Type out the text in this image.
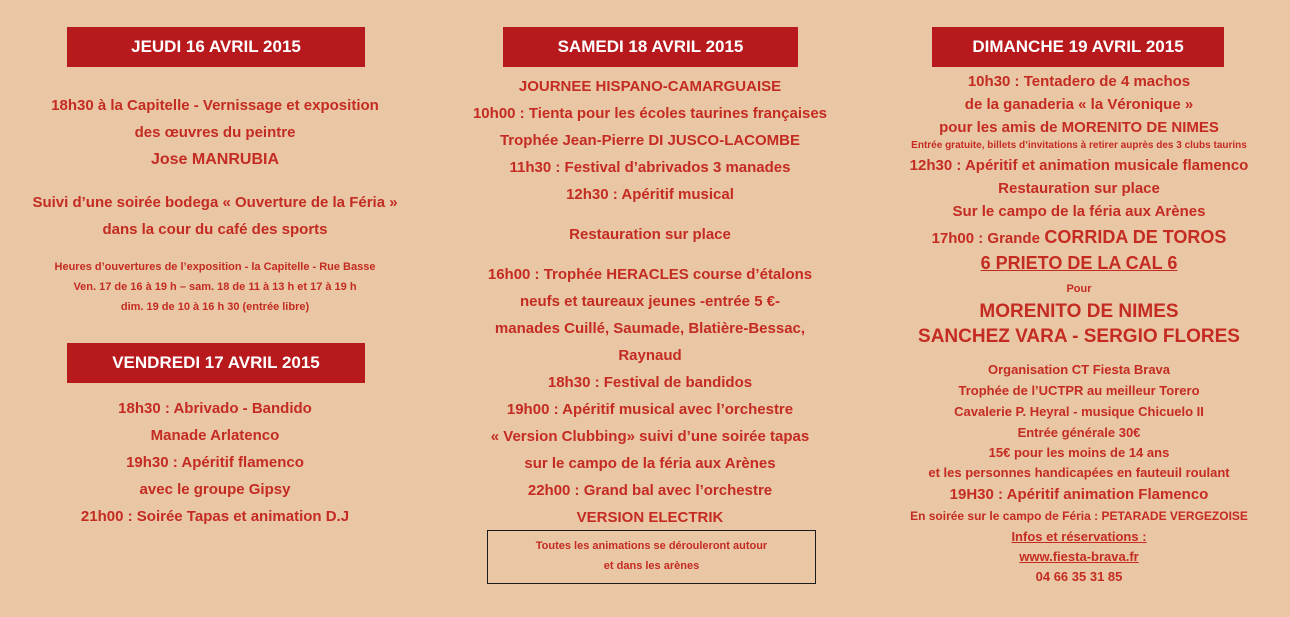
JEUDI 16 AVRIL 2015
18h30 à la Capitelle - Vernissage et exposition
des œuvres du peintre
Jose MANRUBIA
Suivi d’une soirée bodega « Ouverture de la Féria »
dans la cour du café des sports
Heures d’ouvertures de l’exposition - la Capitelle - Rue Basse
Ven. 17 de 16 à 19 h – sam. 18 de 11 à 13 h et 17 à 19 h
dim. 19 de 10 à 16 h 30 (entrée libre)
VENDREDI 17 AVRIL 2015
18h30 : Abrivado - Bandido
Manade Arlatenco
19h30 : Apéritif flamenco
avec le groupe Gipsy
21h00 : Soirée Tapas et animation D.J
SAMEDI 18 AVRIL 2015
JOURNEE HISPANO-CAMARGUAISE
10h00 : Tienta pour les écoles taurines françaises
Trophée Jean-Pierre DI JUSCO-LACOMBE
11h30 : Festival d’abrivados 3 manades
12h30 : Apéritif musical
Restauration sur place
16h00 : Trophée HERACLES course d’étalons
neufs et taureaux jeunes -entrée 5 €-
manades Cuillé, Saumade, Blatière-Bessac,
Raynaud
18h30 : Festival de bandidos
19h00 : Apéritif musical avec l’orchestre
« Version Clubbing» suivi d’une soirée tapas
sur le campo de la féria aux Arènes
22h00 : Grand bal avec l’orchestre
VERSION ELECTRIK
Toutes les animations se dérouleront autour
et dans les arènes
DIMANCHE 19 AVRIL 2015
10h30 : Tentadero de 4 machos
de la ganaderia « la Véronique »
pour les amis de MORENITO DE NIMES
Entrée gratuite, billets d’invitations à retirer auprès des 3 clubs taurins
12h30 : Apéritif et animation musicale flamenco
Restauration sur place
Sur le campo de la féria aux Arènes
17h00 : Grande CORRIDA DE TOROS
6 PRIETO DE LA CAL 6
Pour
MORENITO DE NIMES
SANCHEZ VARA - SERGIO FLORES
Organisation CT Fiesta Brava
Trophée de l’UCTPR au meilleur Torero
Cavalerie P. Heyral - musique Chicuelo II
Entrée générale 30€
15€ pour les moins de 14 ans
et les personnes handicapées en fauteuil roulant
19H30 : Apéritif animation Flamenco
En soirée sur le campo de Féria : PETARADE VERGEZOISE
Infos et réservations :
www.fiesta-brava.fr
04 66 35 31 85
